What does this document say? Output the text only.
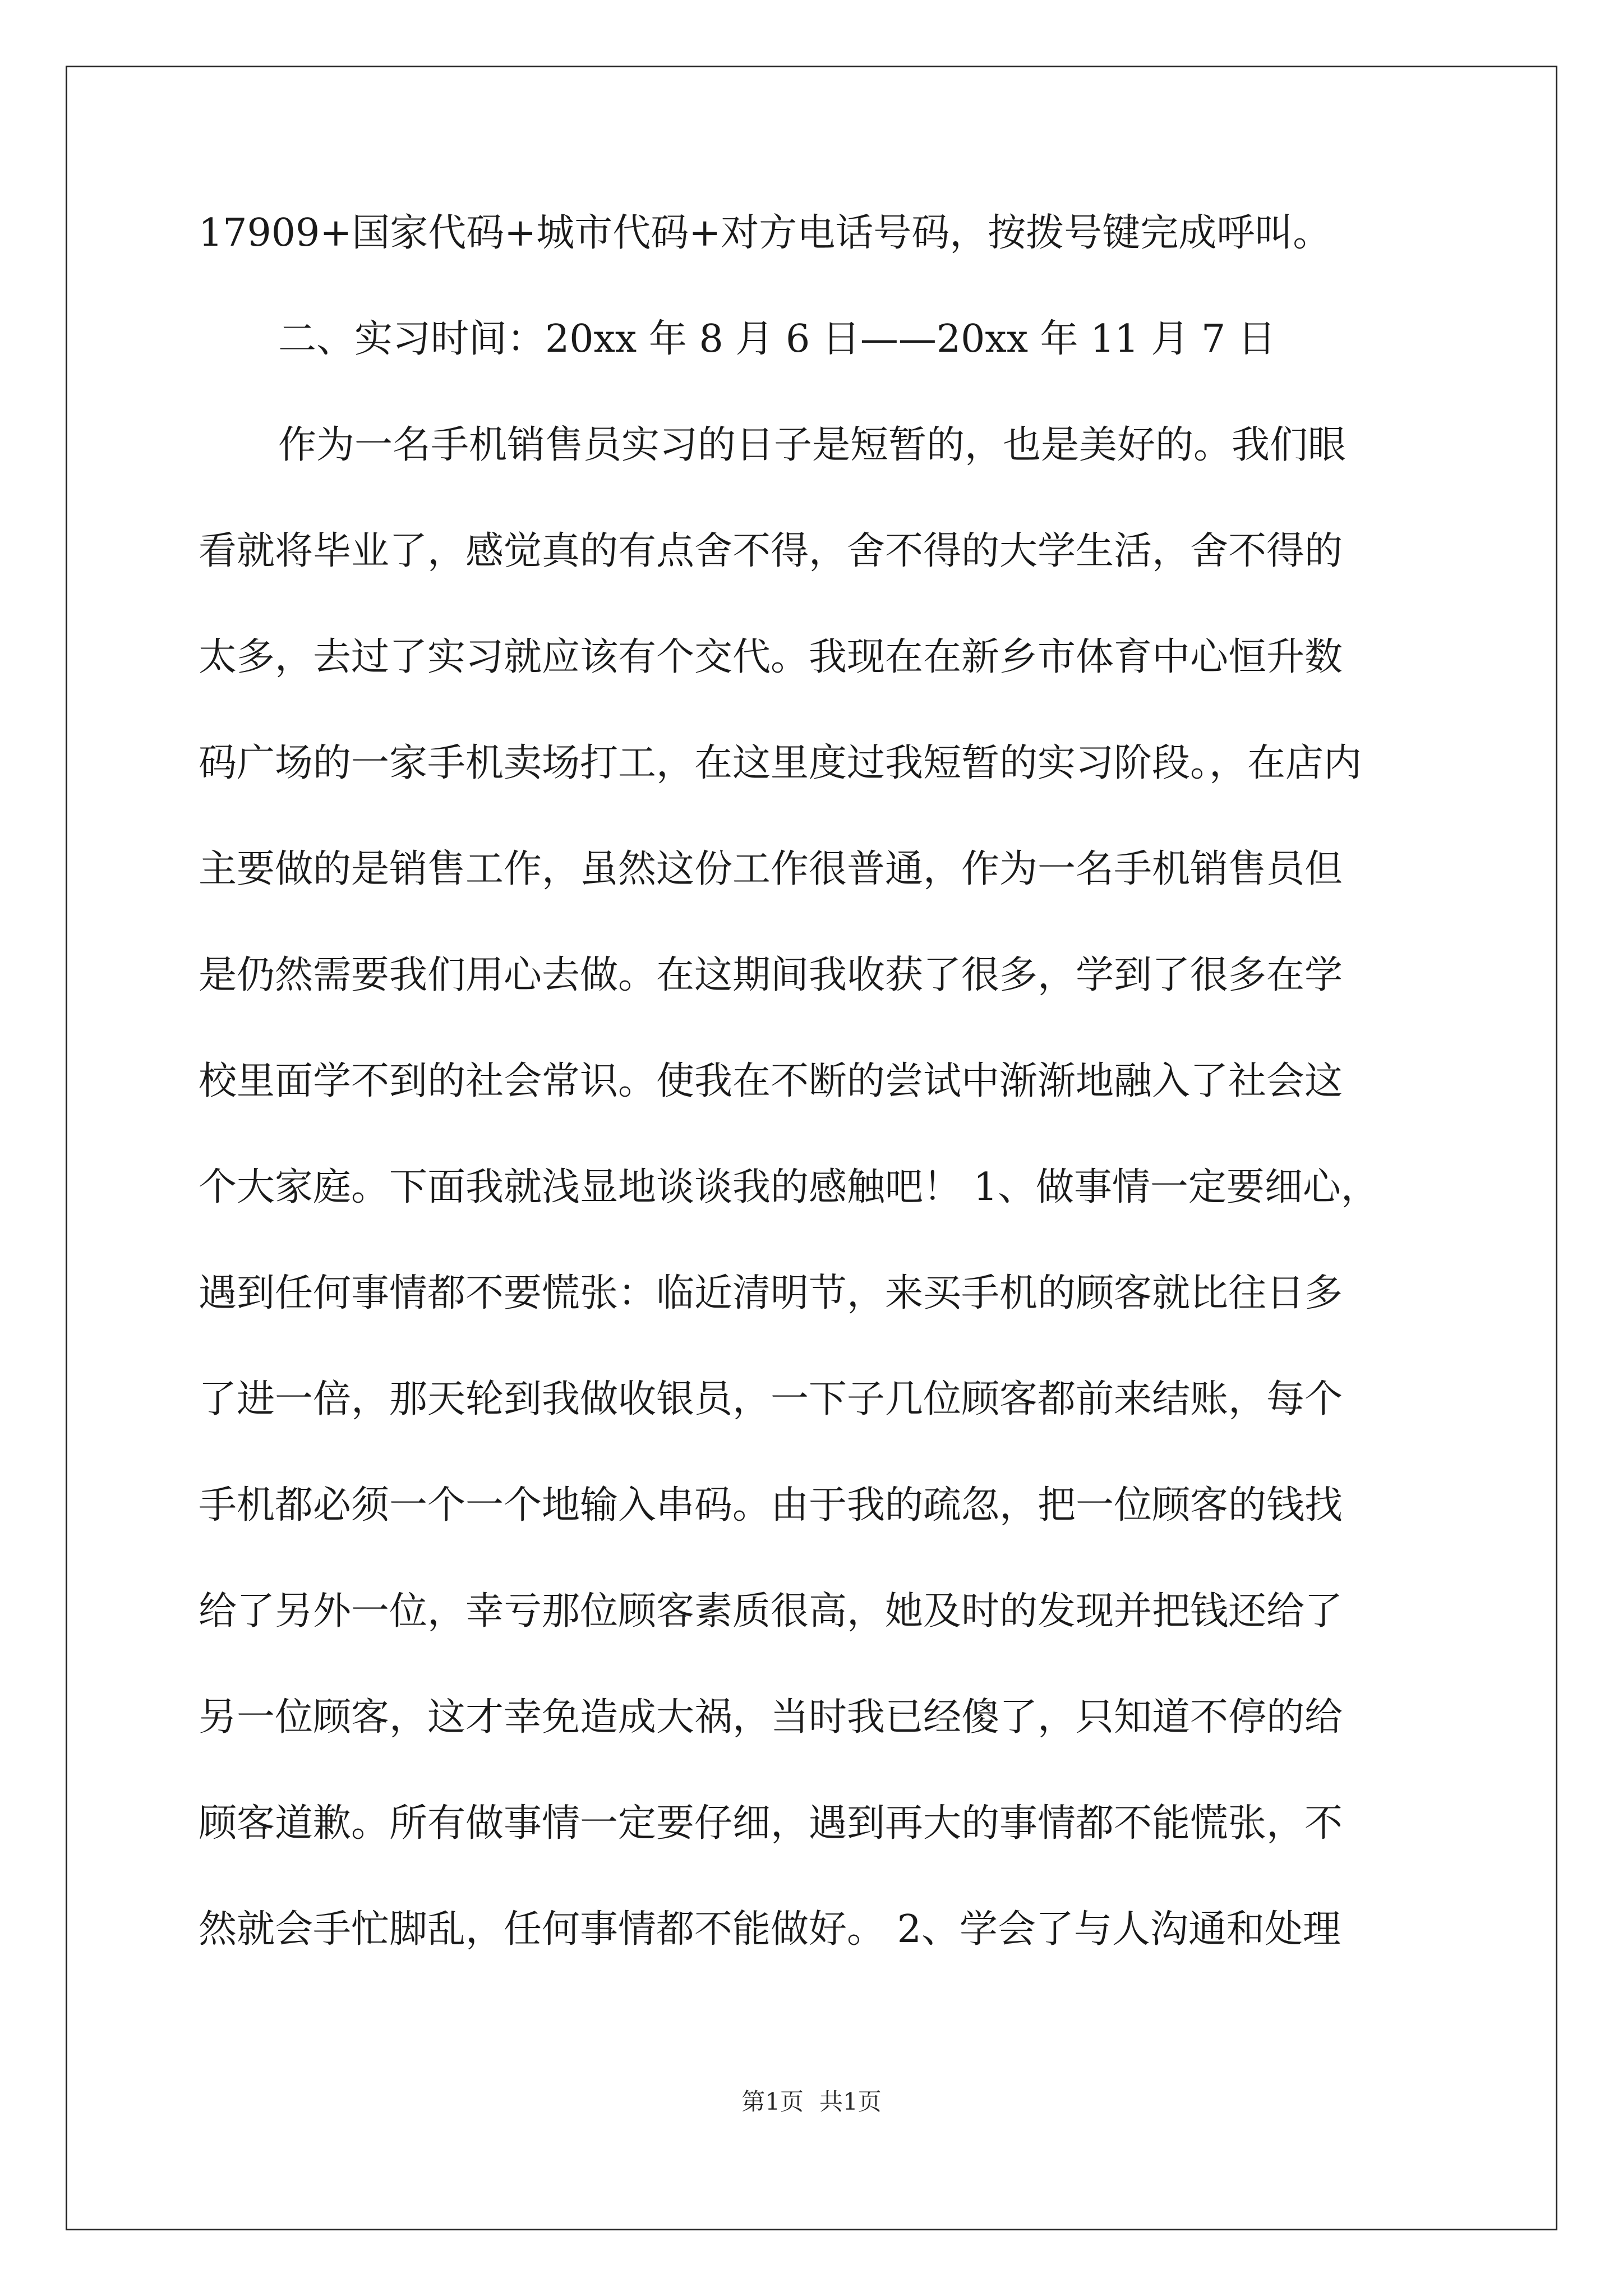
17909+国家代码+城市代码+对方电话号码，按拨号键完成呼叫。
二、实习时间：20xx 年 8 月 6 日——20xx 年 11 月 7 日
作为一名手机销售员实习的日子是短暂的，也是美好的。我们眼
看就将毕业了，感觉真的有点舍不得，舍不得的大学生活，舍不得的
太多，去过了实习就应该有个交代。我现在在新乡市体育中心恒升数
码广场的一家手机卖场打工，在这里度过我短暂的实习阶段。，在店内
主要做的是销售工作，虽然这份工作很普通，作为一名手机销售员但
是仍然需要我们用心去做。在这期间我收获了很多，学到了很多在学
校里面学不到的社会常识。使我在不断的尝试中渐渐地融入了社会这
个大家庭。下面我就浅显地谈谈我的感触吧！ 1、做事情一定要细心，
遇到任何事情都不要慌张：临近清明节，来买手机的顾客就比往日多
了进一倍，那天轮到我做收银员，一下子几位顾客都前来结账，每个
手机都必须一个一个地输入串码。由于我的疏忽，把一位顾客的钱找
给了另外一位，幸亏那位顾客素质很高，她及时的发现并把钱还给了
另一位顾客，这才幸免造成大祸，当时我已经傻了，只知道不停的给
顾客道歉。所有做事情一定要仔细，遇到再大的事情都不能慌张，不
然就会手忙脚乱，任何事情都不能做好。 2、学会了与人沟通和处理
第1页 共1页
